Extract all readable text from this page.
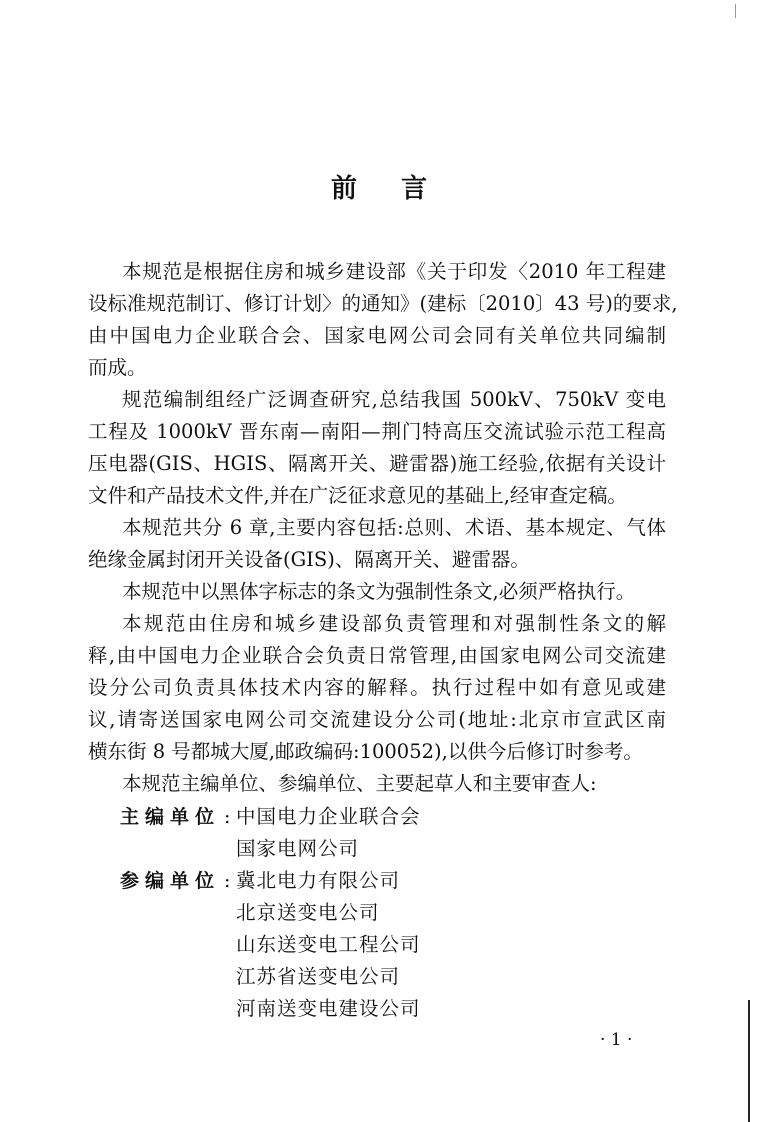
前言
本规范是根据住房和城乡建设部《关于印发〈2010 年工程建
设标准规范制订、修订计划〉的通知》(建标〔2010〕43 号)的要求,
由中国电力企业联合会、国家电网公司会同有关单位共同编制
而成。
规范编制组经广泛调查研究,总结我国 500kV、750kV 变电
工程及 1000kV 晋东南—南阳—荆门特高压交流试验示范工程高
压电器(GIS、HGIS、隔离开关、避雷器)施工经验,依据有关设计
文件和产品技术文件,并在广泛征求意见的基础上,经审查定稿。
本规范共分 6 章,主要内容包括:总则、术语、基本规定、气体
绝缘金属封闭开关设备(GIS)、隔离开关、避雷器。
本规范中以黑体字标志的条文为强制性条文,必须严格执行。
本规范由住房和城乡建设部负责管理和对强制性条文的解
释,由中国电力企业联合会负责日常管理,由国家电网公司交流建
设分公司负责具体技术内容的解释。执行过程中如有意见或建
议,请寄送国家电网公司交流建设分公司(地址:北京市宣武区南
横东街 8 号都城大厦,邮政编码:100052),以供今后修订时参考。
本规范主编单位、参编单位、主要起草人和主要审查人:
主编单位 : 中国电力企业联合会
国家电网公司
参编单位 : 冀北电力有限公司
北京送变电公司
山东送变电工程公司
江苏省送变电公司
河南送变电建设公司
· 1 ·
